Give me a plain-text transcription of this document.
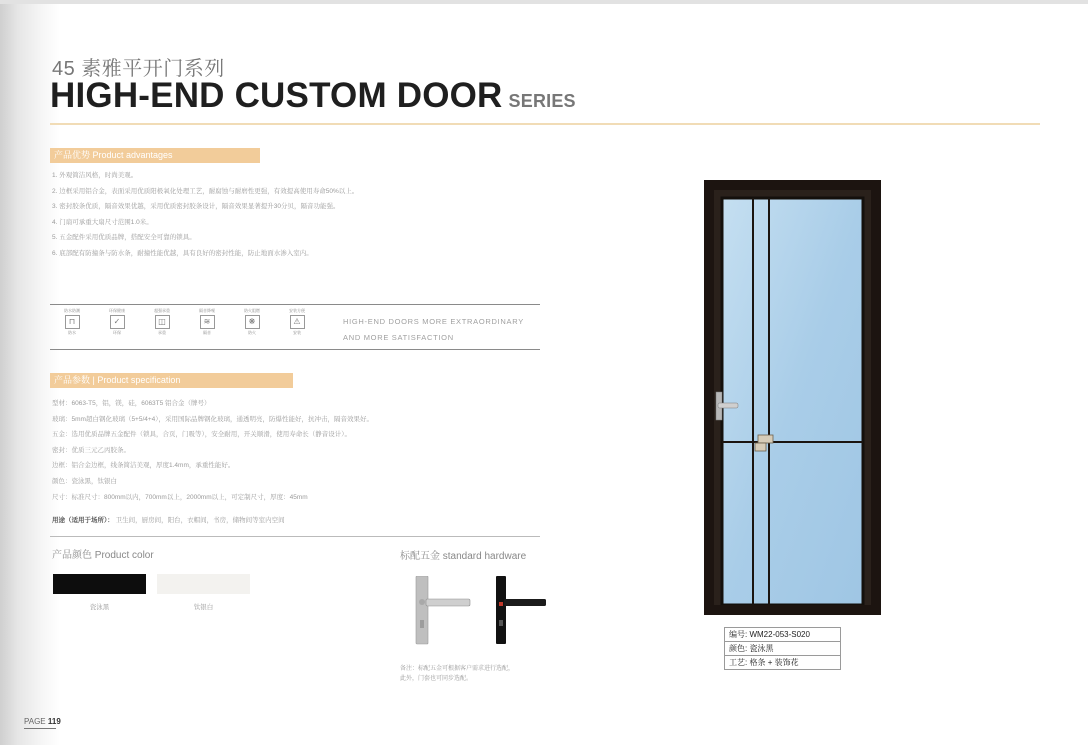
45 素雅平开门系列
HIGH-END CUSTOM DOOR SERIES
产品优势 Product advantages
1. 外观简洁风格，时尚美观。
2. 边框采用铝合金，表面采用优质阳极氧化处理工艺，耐腐蚀与耐磨性更强，有效提高使用寿命50%以上。
3. 密封胶条优质，隔音效果优越，采用优质密封胶条设计，隔音效果显著提升30分贝，隔音功能强。
4. 门扇可承重大扇尺寸范围1.0米。
5. 五金配件采用优质品牌，搭配安全可靠的锁具。
6. 底部配有防撞条与防水条，耐撞性能优越，具有良好的密封性能，防止地面水渗入室内。
防水防潮
⊓
防水
环保健康
✓
环保
超强承重
◫
承重
隔音降噪
≋
隔音
防火阻燃
❋
防火
安装方便
⚠
安装
HIGH-END DOORS MORE EXTRAORDINARY
AND MORE SATISFACTION
产品参数 | Product specification
型材：6063-T5，铝，镁，硅，6063T5 铝合金（牌号）
玻璃：5mm超白钢化玻璃（5+5/4+4），采用国际品牌钢化玻璃，通透明亮，防爆性能好，抗冲击，隔音效果好。
五金：选用优质品牌五金配件（锁具，合页，门吸等），安全耐用，开关顺滑，使用寿命长（静音设计）。
密封：优质三元乙丙胶条。
边框：铝合金边框，线条简洁美观，厚度1.4mm，承重性能好。
颜色：瓷泳黑，钛银白
尺寸：标准尺寸：800mm以内，700mm以上，2000mm以上，可定制尺寸，厚度：45mm
用途（适用于场所）： 卫生间，厨房间，阳台，衣帽间，书房，储物间等室内空间
产品颜色 Product color
瓷泳黑	钛银白
标配五金 standard hardware
备注：标配五金可根据客户需求进行选配，
此外，门套也可同步选配。
编号: WM22-053-S020
颜色: 瓷泳黑
工艺: 格条 + 装饰花
PAGE 119
